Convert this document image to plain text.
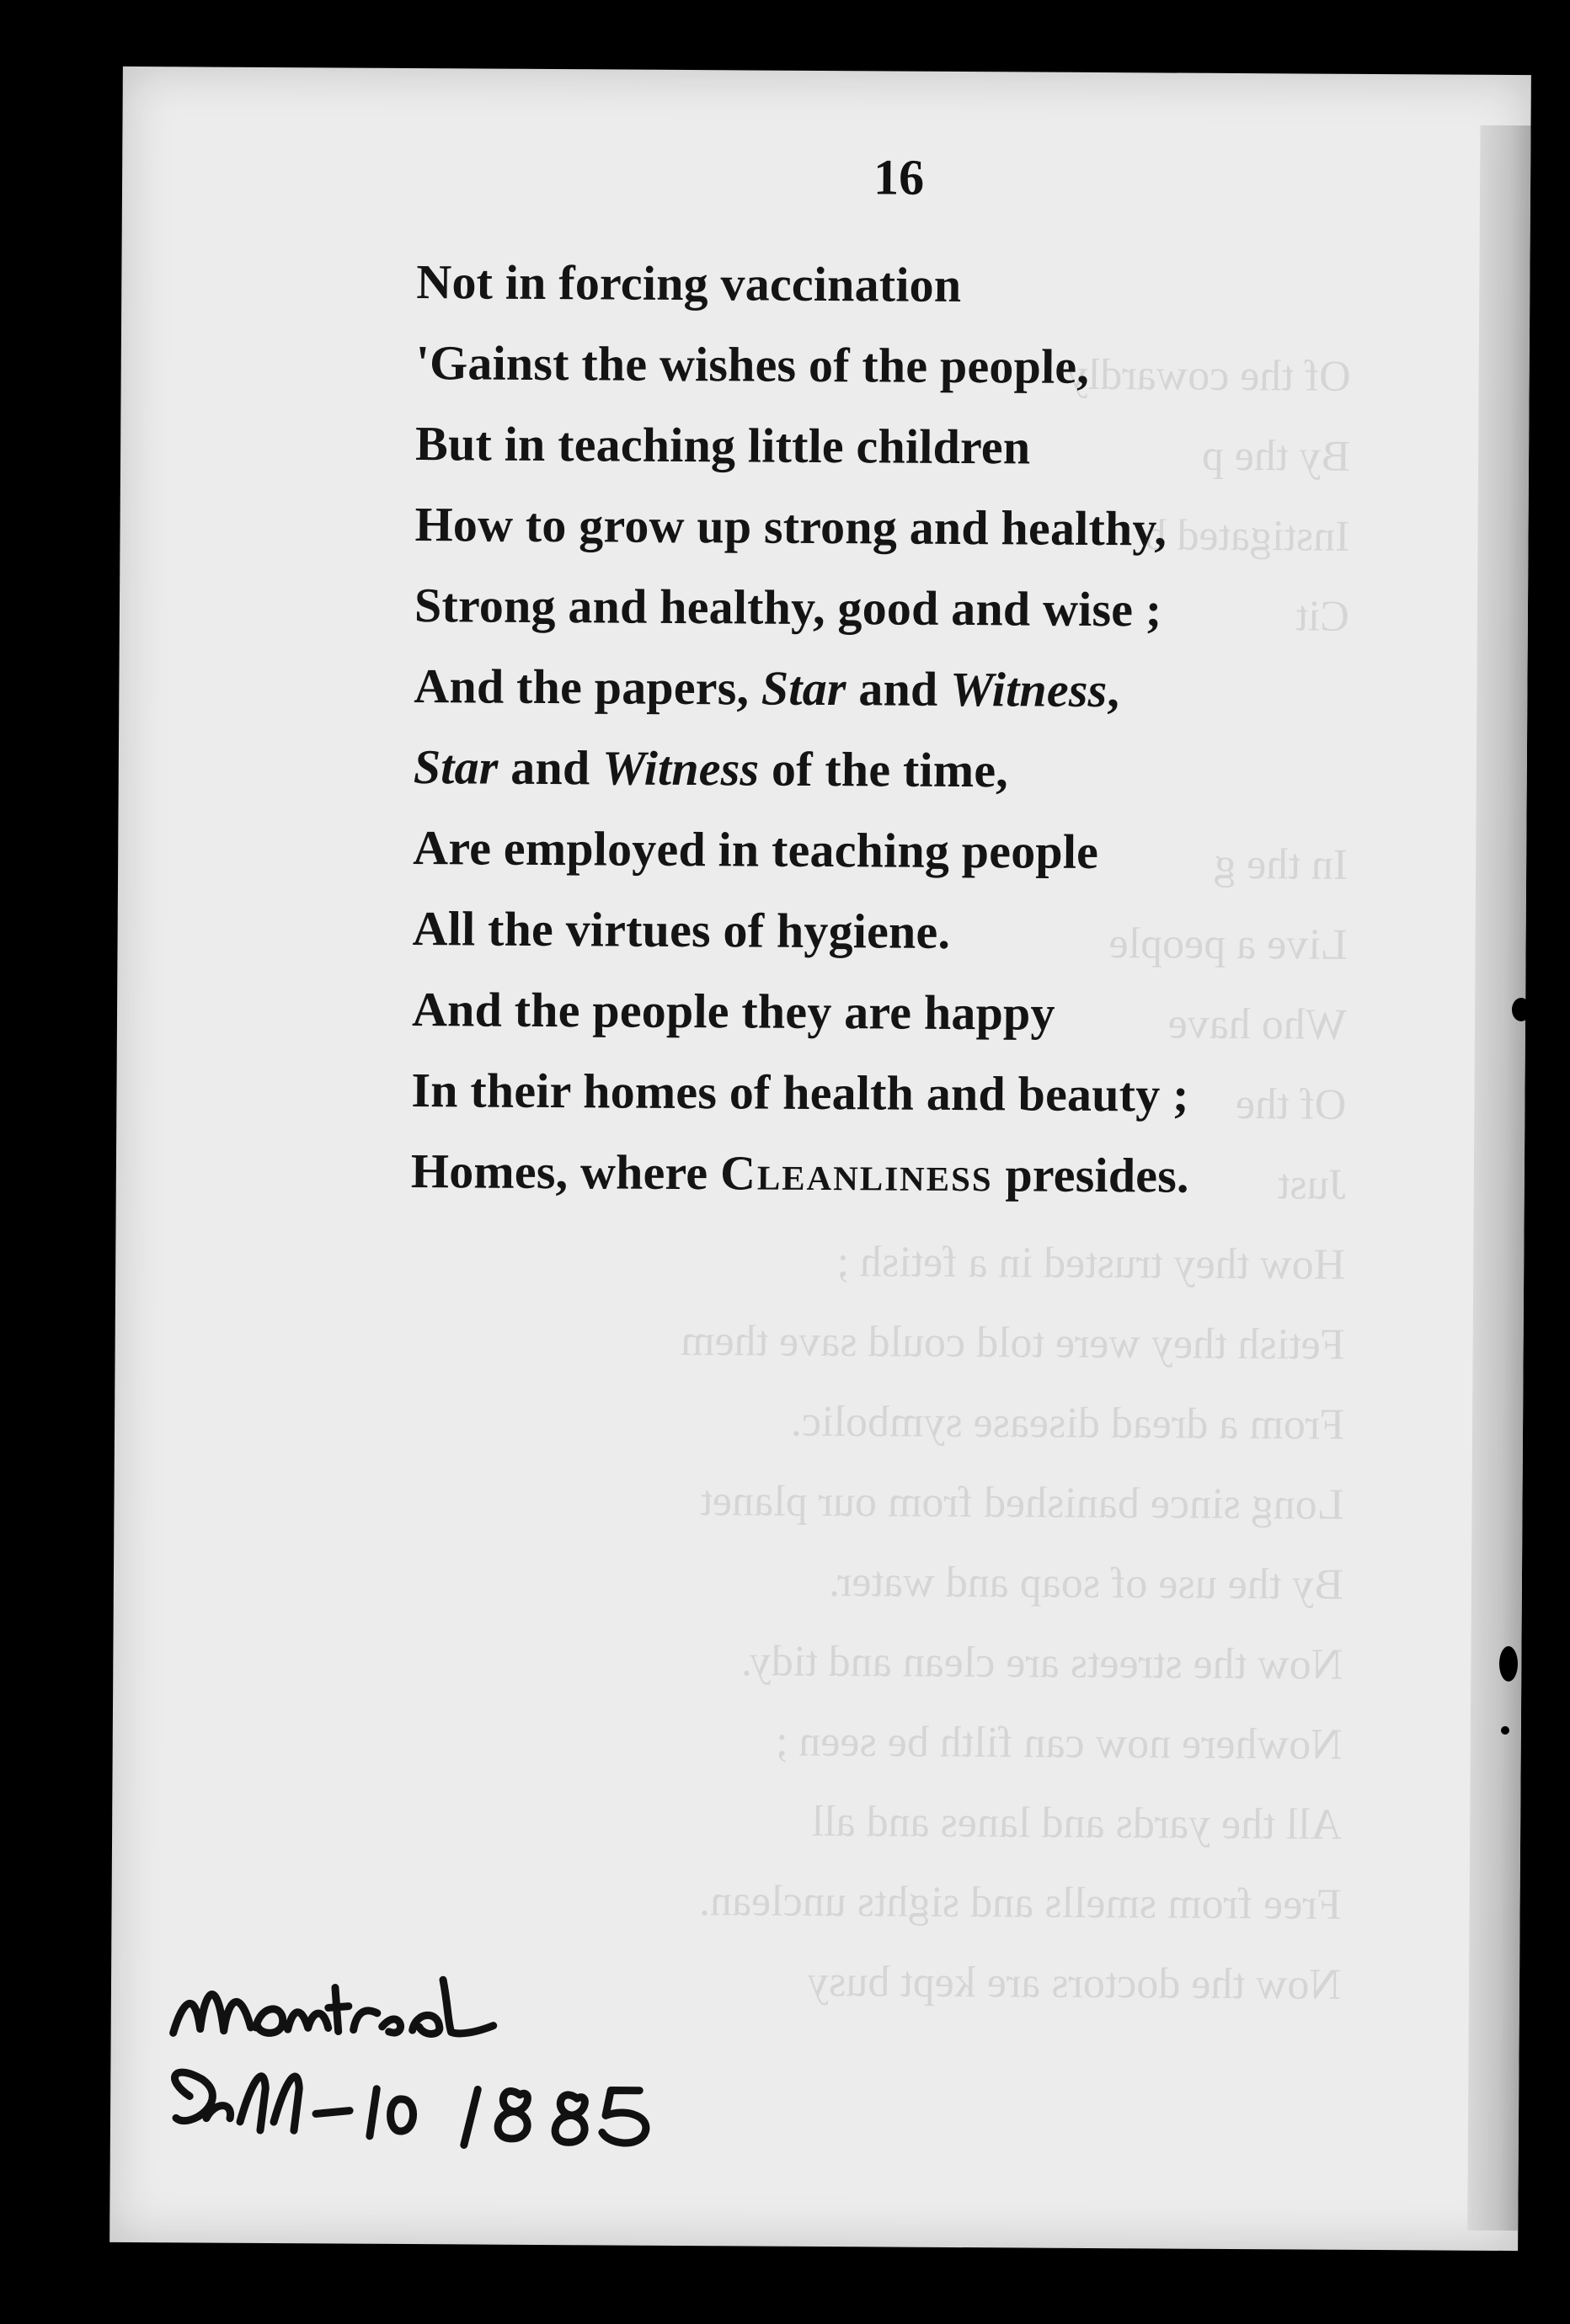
Of the cowardly
By the p
Instigated b
Cit
In the g
Live a people
Who have
Of the
Just
How they trusted in a fetish ;
Fetish they were told could save them
From a dread disease symbolic.
Long since banished from our planet
By the use of soap and water.
Now the streets are clean and tidy.
Nowhere now can filth be seen ;
All the yards and lanes and all
Free from smells and sights unclean.
Now the doctors are kept busy
16
Not in forcing vaccination
'Gainst the wishes of the people,
But in teaching little children
How to grow up strong and healthy,
Strong and healthy, good and wise ;
And the papers, Star and Witness,
Star and Witness of the time,
Are employed in teaching people
All the virtues of hygiene.
And the people they are happy
In their homes of health and beauty ;
Homes, where Cleanliness presides.
